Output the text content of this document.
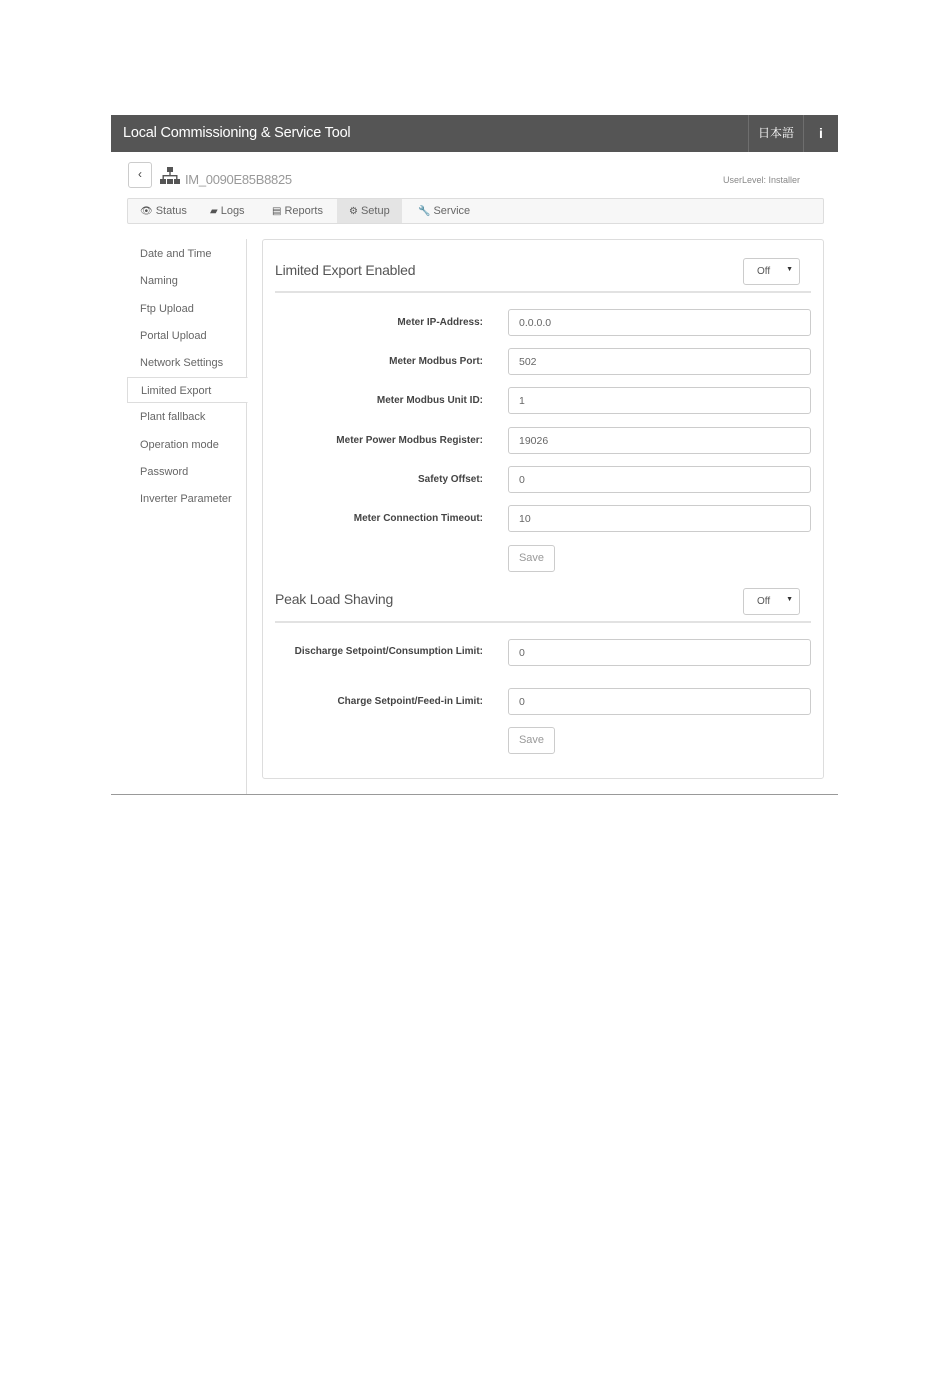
Local Commissioning & Service Tool	日本語	i
‹	IM_0090E85B8825	UserLevel: Installer
👁 Status	▰ Logs	▤ Reports	⚙ Setup	🔧 Service
Date and Time
Naming
Ftp Upload
Portal Upload
Network Settings
Limited Export
Plant fallback
Operation mode
Password
Inverter Parameter
Limited Export Enabled	Off ▼
Meter IP-Address:
0.0.0.0
Meter Modbus Port:
502
Meter Modbus Unit ID:
1
Meter Power Modbus Register:
19026
Safety Offset:
0
Meter Connection Timeout:
10
Save
Peak Load Shaving	Off ▼
Discharge Setpoint/Consumption Limit:
0
Charge Setpoint/Feed-in Limit:
0
Save
